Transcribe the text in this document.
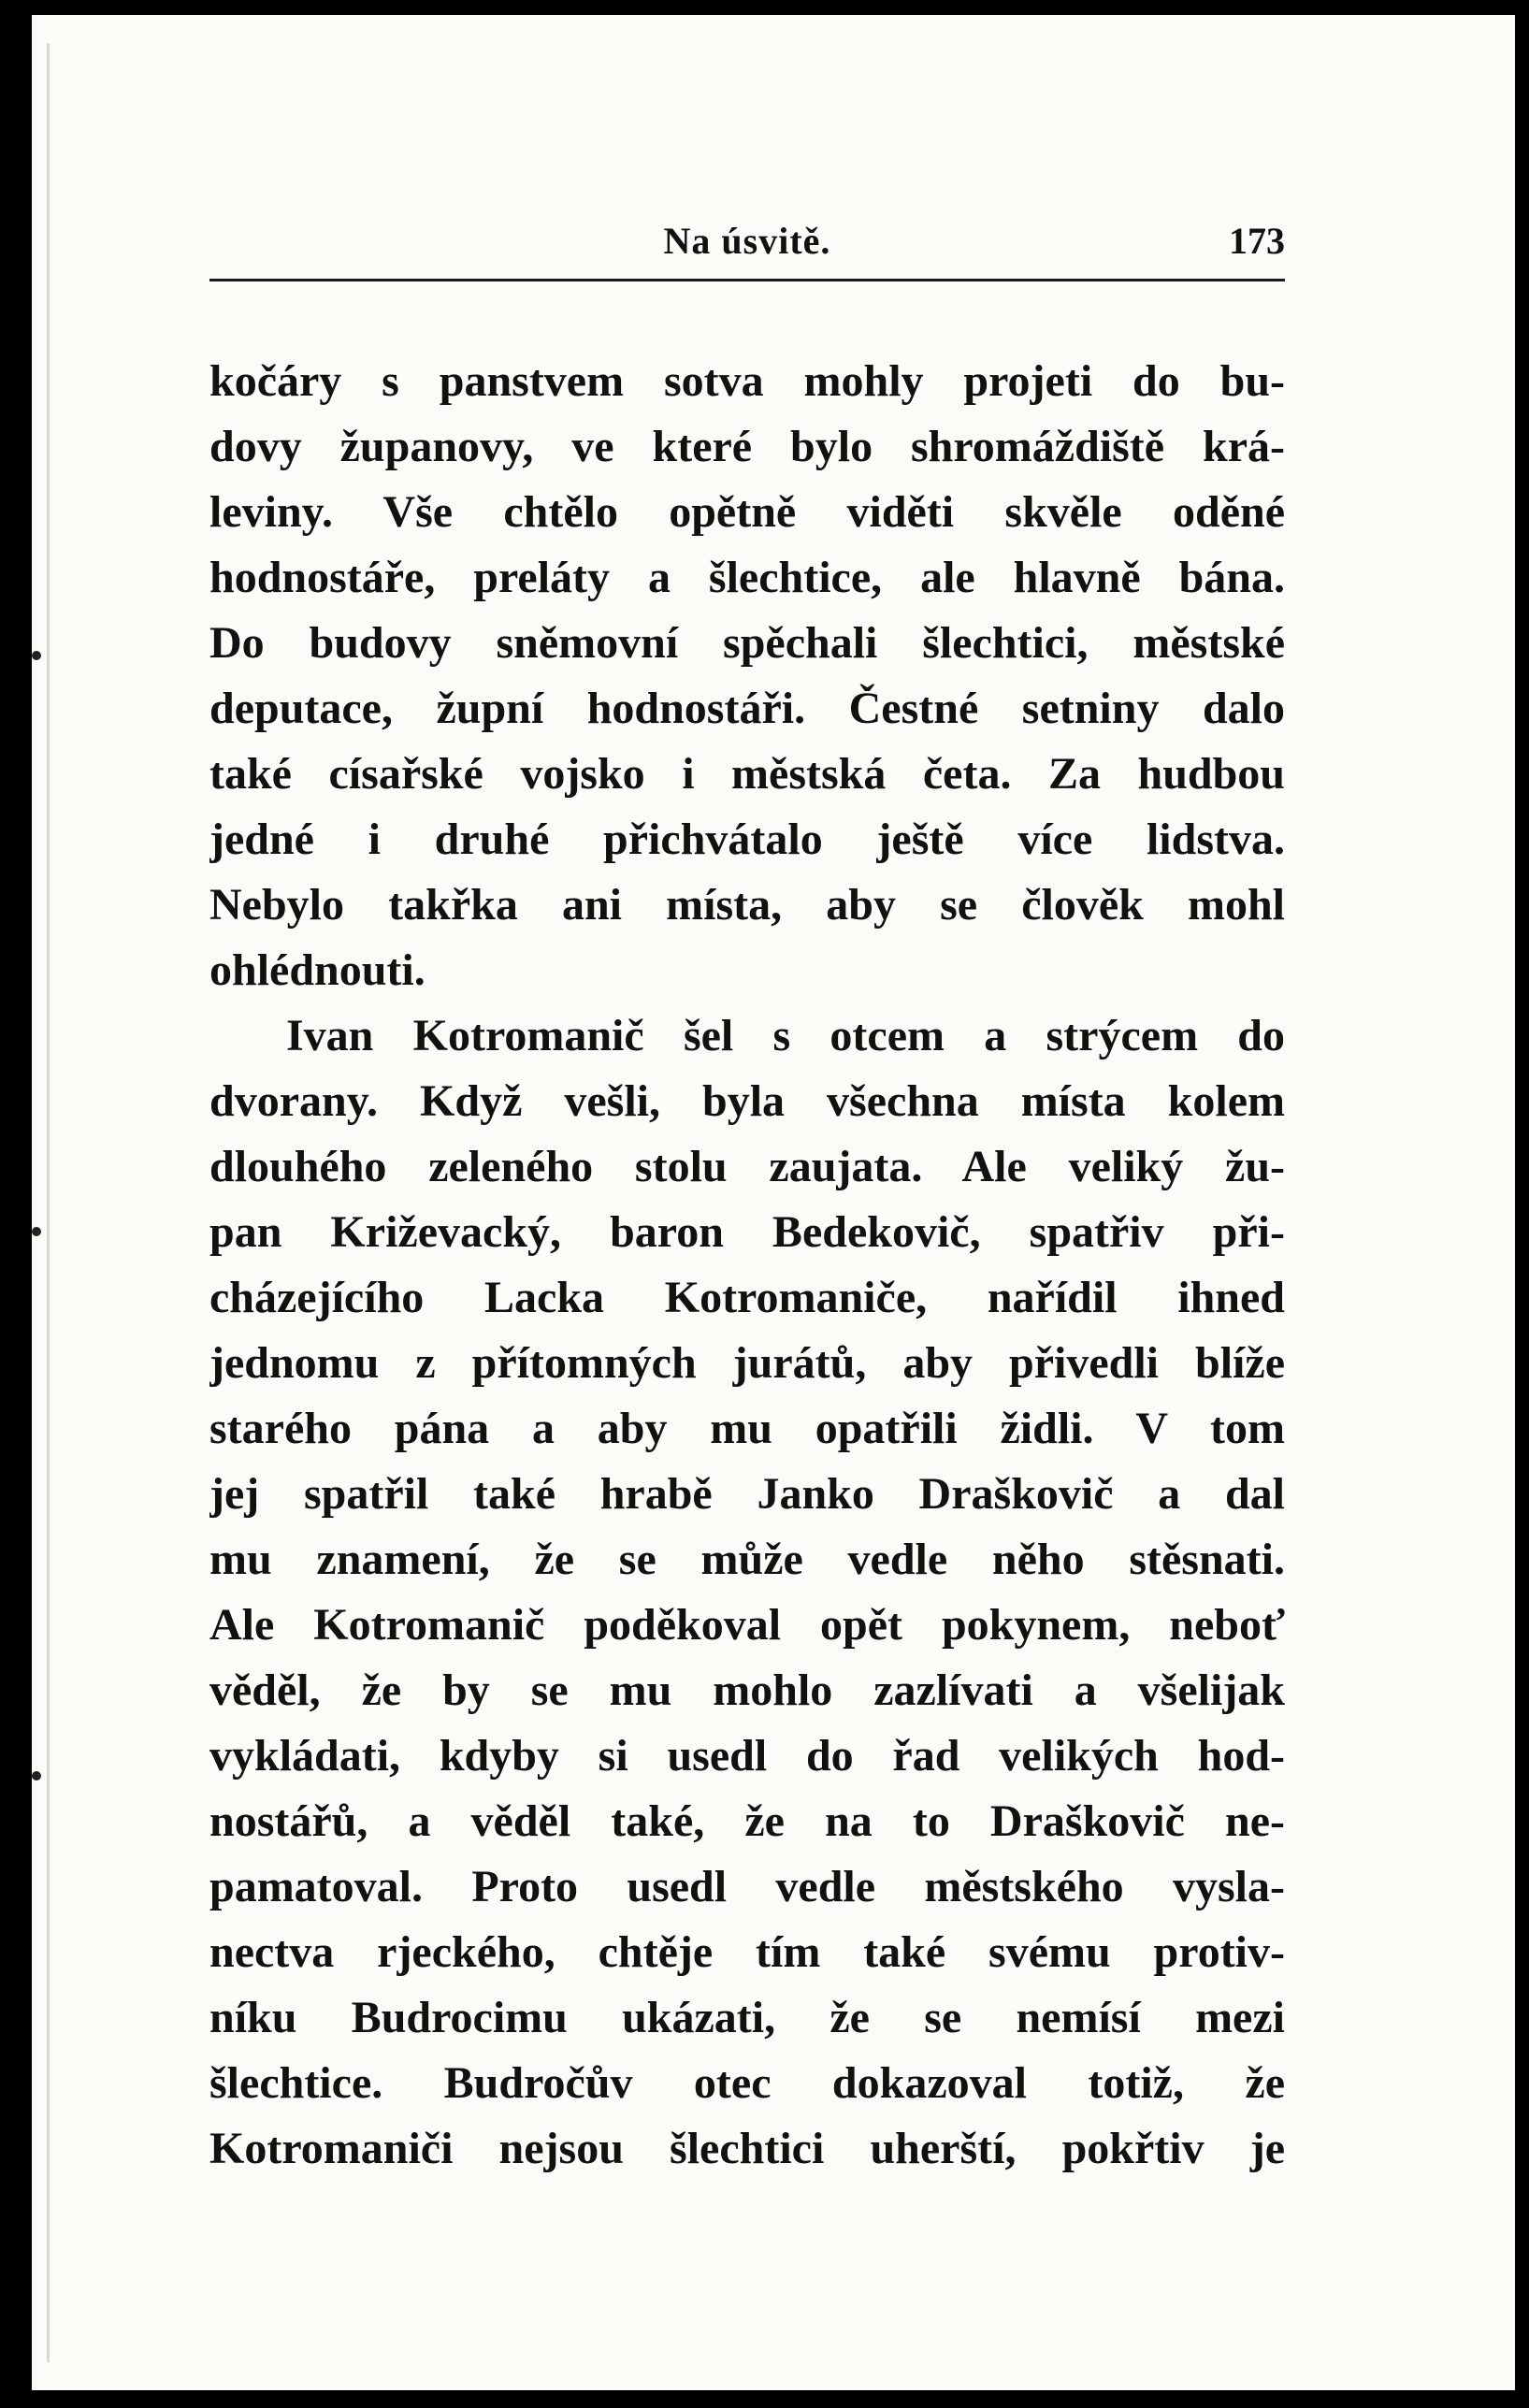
Na úsvitě.	173
kočáry s panstvem sotva mohly projeti do bu-
dovy županovy, ve které bylo shromáždiště krá-
leviny. Vše chtělo opětně viděti skvěle oděné
hodnostáře, preláty a šlechtice, ale hlavně bána.
Do budovy sněmovní spěchali šlechtici, městské
deputace, župní hodnostáři. Čestné setniny dalo
také císařské vojsko i městská četa. Za hudbou
jedné i druhé přichvátalo ještě více lidstva.
Nebylo takřka ani místa, aby se člověk mohl
ohlédnouti.
Ivan Kotromanič šel s otcem a strýcem do
dvorany. Když vešli, byla všechna místa kolem
dlouhého zeleného stolu zaujata. Ale veliký žu-
pan Križevacký, baron Bedekovič, spatřiv při-
cházejícího Lacka Kotromaniče, nařídil ihned
jednomu z přítomných jurátů, aby přivedli blíže
starého pána a aby mu opatřili židli. V tom
jej spatřil také hrabě Janko Draškovič a dal
mu znamení, že se může vedle něho stěsnati.
Ale Kotromanič poděkoval opět pokynem, neboť
věděl, že by se mu mohlo zazlívati a všelijak
vykládati, kdyby si usedl do řad velikých hod-
nostářů, a věděl také, že na to Draškovič ne-
pamatoval. Proto usedl vedle městského vysla-
nectva rjeckého, chtěje tím také svému protiv-
níku Budrocimu ukázati, že se nemísí mezi
šlechtice. Budročův otec dokazoval totiž, že
Kotromaniči nejsou šlechtici uherští, pokřtiv je
